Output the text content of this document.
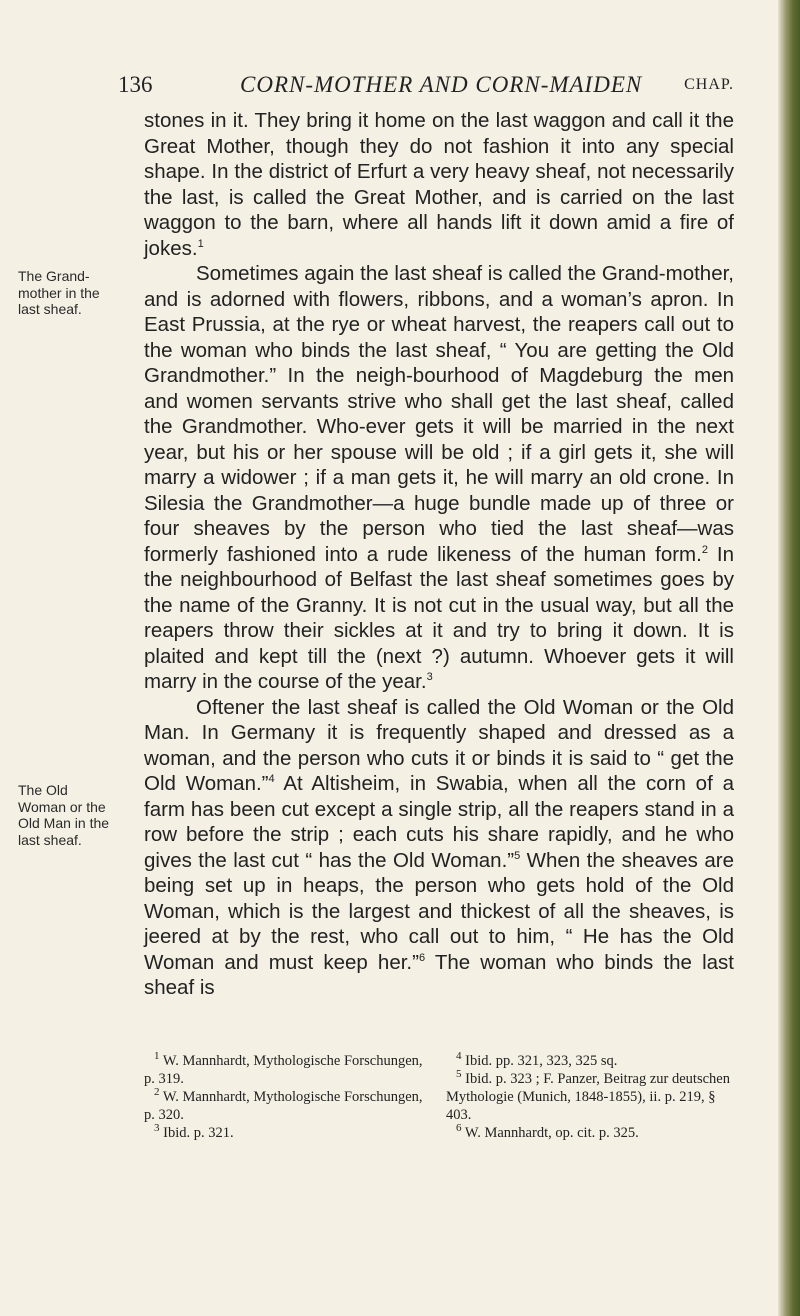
136	CORN-MOTHER AND CORN-MAIDEN	CHAP.
The Grand-mother in the last sheaf.
The Old Woman or the Old Man in the last sheaf.

stones in it. They bring it home on the last waggon and call it the Great Mother, though they do not fashion it into any special shape. In the district of Erfurt a very heavy sheaf, not necessarily the last, is called the Great Mother, and is carried on the last waggon to the barn, where all hands lift it down amid a fire of jokes.$^1$

Sometimes again the last sheaf is called the Grand-mother, and is adorned with flowers, ribbons, and a woman’s apron. In East Prussia, at the rye or wheat harvest, the reapers call out to the woman who binds the last sheaf, “ You are getting the Old Grandmother.” In the neigh-bourhood of Magdeburg the men and women servants strive who shall get the last sheaf, called the Grandmother. Who-ever gets it will be married in the next year, but his or her spouse will be old ; if a girl gets it, she will marry a widower ; if a man gets it, he will marry an old crone. In Silesia the Grandmother—a huge bundle made up of three or four sheaves by the person who tied the last sheaf—was formerly fashioned into a rude likeness of the human form.$^2$ In the neighbourhood of Belfast the last sheaf sometimes goes by the name of the Granny. It is not cut in the usual way, but all the reapers throw their sickles at it and try to bring it down. It is plaited and kept till the (next ?) autumn. Whoever gets it will marry in the course of the year.$^3$

Oftener the last sheaf is called the Old Woman or the Old Man. In Germany it is frequently shaped and dressed as a woman, and the person who cuts it or binds it is said to “ get the Old Woman.”$^4$ At Altisheim, in Swabia, when all the corn of a farm has been cut except a single strip, all the reapers stand in a row before the strip ; each cuts his share rapidly, and he who gives the last cut “ has the Old Woman.”$^5$ When the sheaves are being set up in heaps, the person who gets hold of the Old Woman, which is the largest and thickest of all the sheaves, is jeered at by the rest, who call out to him, “ He has the Old Woman and must keep her.”$^6$ The woman who binds the last sheaf is

$^1$ W. Mannhardt, Mythologische Forschungen, p. 319.

$^2$ W. Mannhardt, Mythologische Forschungen, p. 320.

$^3$ Ibid. p. 321.

$^4$ Ibid. pp. 321, 323, 325 sq.

$^5$ Ibid. p. 323 ; F. Panzer, Beitrag zur deutschen Mythologie (Munich, 1848-1855), ii. p. 219, § 403.

$^6$ W. Mannhardt, op. cit. p. 325.
